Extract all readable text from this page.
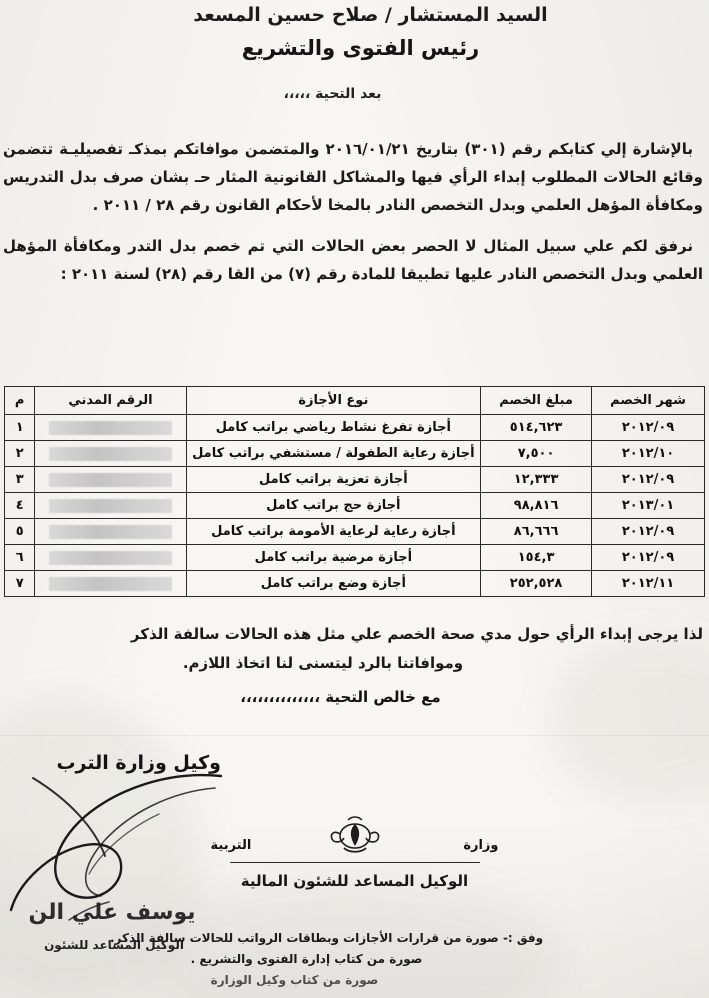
السيد المستشار / صلاح حسين المسعد
رئيس الفتوى والتشريع
بعد التحية ،،،،،

بالإشارة إلي كتابكم رقم (٣٠١) بتاريخ ٢٠١٦/٠١/٢١ والمتضمن موافاتكم بمذكـ تفصيليـة تتضمن وقائع الحالات المطلوب إبداء الرأي فيها والمشاكل القانونية المثار حـ بشان صرف بدل التدريس ومكافأة المؤهل العلمي وبدل التخصص النادر بالمخا لأحكام القانون رقم ٢٨ / ٢٠١١ .

نرفق لكم علي سبيل المثال لا الحصر بعض الحالات التي تم خصم بدل التدر ومكافأة المؤهل العلمي وبدل التخصص النادر عليها تطبيقا للمادة رقم (٧) من القا رقم (٢٨) لسنة ٢٠١١ :

شهر الخصم	مبلغ الخصم	نوع الأجازة	الرقم المدني	م
٢٠١٢/٠٩	٥١٤,٦٢٣	أجازة تفرغ نشاط رياضي براتب كامل		١
٢٠١٢/١٠	٧,٥٠٠	أجازة رعاية الطفولة / مستشفي براتب كامل		٢
٢٠١٢/٠٩	١٢,٣٣٣	أجازة تعزية براتب كامل		٣
٢٠١٣/٠١	٩٨,٨١٦	أجازة حج براتب كامل		٤
٢٠١٢/٠٩	٨٦,٦٦٦	أجازة رعاية لرعاية الأمومة براتب كامل		٥
٢٠١٢/٠٩	١٥٤,٣	أجازة مرضية براتب كامل		٦
٢٠١٢/١١	٢٥٢,٥٢٨	أجازة وضع براتب كامل		٧
لذا يرجى إبداء الرأي حول مدي صحة الخصم علي مثل هذه الحالات سالفة الذكر
وموافاتنا بالرد ليتسنى لنا اتخاذ اللازم.
مع خالص التحية ،،،،،،،،،،،،،،
وكيل وزارة الترب
يوسف علي الن
الوكيل المساعد للشئون
وزارة
التربية
الوكيل المساعد للشئون المالية
وفق :- صورة من قرارات الأجازات وبطاقات الرواتب للحالات سالفة الذكر.
صورة من كتاب إدارة الفتوى والتشريع .
صورة من كتاب وكيل الوزارة
